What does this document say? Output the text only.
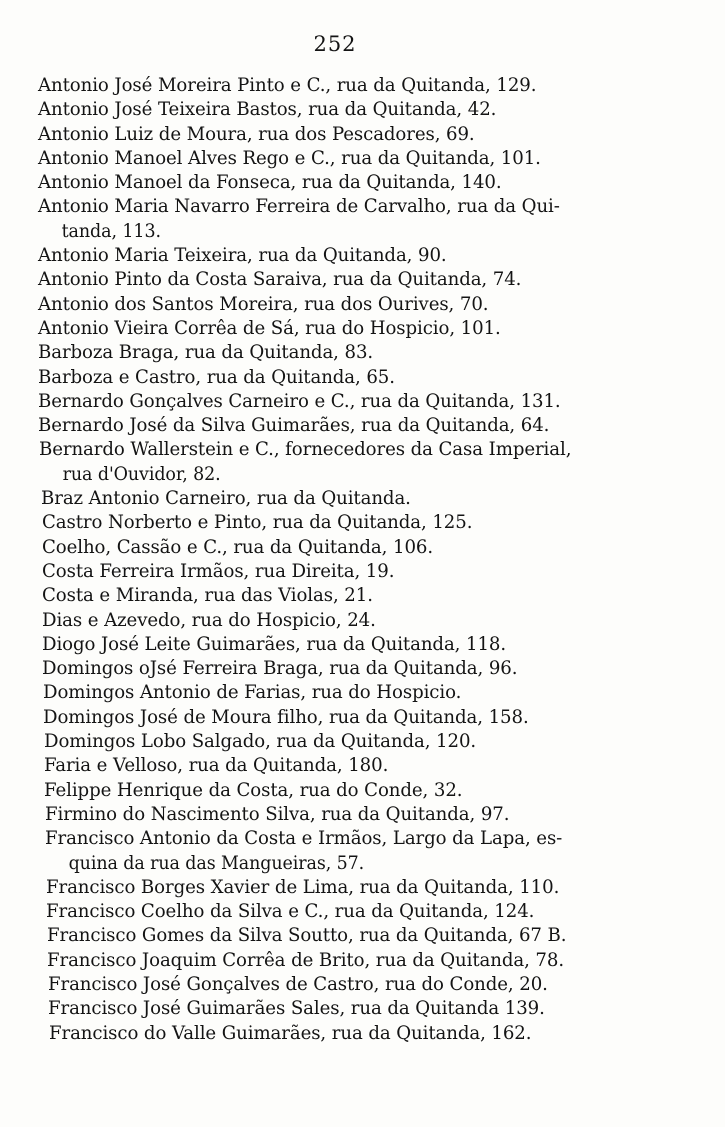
252
Antonio José Moreira Pinto e C., rua da Quitanda, 129.
Antonio José Teixeira Bastos, rua da Quitanda, 42.
Antonio Luiz de Moura, rua dos Pescadores, 69.
Antonio Manoel Alves Rego e C., rua da Quitanda, 101.
Antonio Manoel da Fonseca, rua da Quitanda, 140.
Antonio Maria Navarro Ferreira de Carvalho, rua da Qui-
tanda, 113.
Antonio Maria Teixeira, rua da Quitanda, 90.
Antonio Pinto da Costa Saraiva, rua da Quitanda, 74.
Antonio dos Santos Moreira, rua dos Ourives, 70.
Antonio Vieira Corrêa de Sá, rua do Hospicio, 101.
Barboza Braga, rua da Quitanda, 83.
Barboza e Castro, rua da Quitanda, 65.
Bernardo Gonçalves Carneiro e C., rua da Quitanda, 131.
Bernardo José da Silva Guimarães, rua da Quitanda, 64.
Bernardo Wallerstein e C., fornecedores da Casa Imperial,
rua d'Ouvidor, 82.
Braz Antonio Carneiro, rua da Quitanda.
Castro Norberto e Pinto, rua da Quitanda, 125.
Coelho, Cassão e C., rua da Quitanda, 106.
Costa Ferreira Irmãos, rua Direita, 19.
Costa e Miranda, rua das Violas, 21.
Dias e Azevedo, rua do Hospicio, 24.
Diogo José Leite Guimarães, rua da Quitanda, 118.
Domingos oJsé Ferreira Braga, rua da Quitanda, 96.
Domingos Antonio de Farias, rua do Hospicio.
Domingos José de Moura filho, rua da Quitanda, 158.
Domingos Lobo Salgado, rua da Quitanda, 120.
Faria e Velloso, rua da Quitanda, 180.
Felippe Henrique da Costa, rua do Conde, 32.
Firmino do Nascimento Silva, rua da Quitanda, 97.
Francisco Antonio da Costa e Irmãos, Largo da Lapa, es-
quina da rua das Mangueiras, 57.
Francisco Borges Xavier de Lima, rua da Quitanda, 110.
Francisco Coelho da Silva e C., rua da Quitanda, 124.
Francisco Gomes da Silva Soutto, rua da Quitanda, 67 B.
Francisco Joaquim Corrêa de Brito, rua da Quitanda, 78.
Francisco José Gonçalves de Castro, rua do Conde, 20.
Francisco José Guimarães Sales, rua da Quitanda 139.
Francisco do Valle Guimarães, rua da Quitanda, 162.
